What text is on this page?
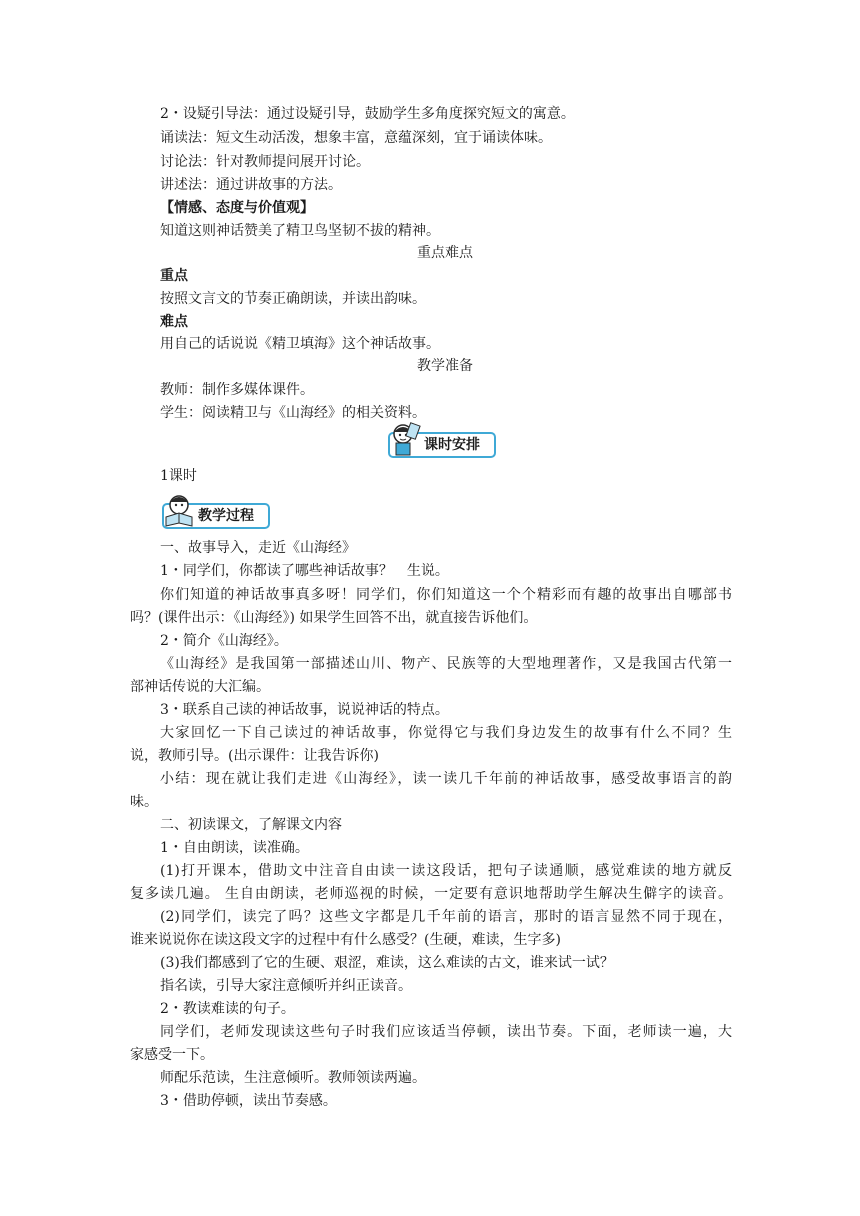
2・设疑引导法：通过设疑引导，鼓励学生多角度探究短文的寓意。
诵读法：短文生动活泼，想象丰富，意蕴深刻，宜于诵读体味。
讨论法：针对教师提问展开讨论。
讲述法：通过讲故事的方法。
【情感、态度与价值观】
知道这则神话赞美了精卫鸟坚韧不拔的精神。
重点难点
重点
按照文言文的节奏正确朗读，并读出韵味。
难点
用自己的话说说《精卫填海》这个神话故事。
教学准备
教师：制作多媒体课件。
学生：阅读精卫与《山海经》的相关资料。
课时安排
1课时
教学过程
一、故事导入，走近《山海经》
1・同学们，你都读了哪些神话故事？　生说。
你们知道的神话故事真多呀！同学们，你们知道这一个个精彩而有趣的故事出自哪部书
吗？(课件出示：《山海经》) 如果学生回答不出，就直接告诉他们。
2・简介《山海经》。
《山海经》是我国第一部描述山川、物产、民族等的大型地理著作，又是我国古代第一
部神话传说的大汇编。
3・联系自己读的神话故事，说说神话的特点。
大家回忆一下自己读过的神话故事，你觉得它与我们身边发生的故事有什么不同？生
说，教师引导。(出示课件：让我告诉你)
小结：现在就让我们走进《山海经》，读一读几千年前的神话故事，感受故事语言的韵
味。
二、初读课文，了解课文内容
1・自由朗读，读准确。
(1)打开课本，借助文中注音自由读一读这段话，把句子读通顺，感觉难读的地方就反
复多读几遍。 生自由朗读，老师巡视的时候，一定要有意识地帮助学生解决生僻字的读音。
(2)同学们，读完了吗？这些文字都是几千年前的语言，那时的语言显然不同于现在，
谁来说说你在读这段文字的过程中有什么感受？(生硬，难读，生字多)
(3)我们都感到了它的生硬、艰涩，难读，这么难读的古文，谁来试一试？
指名读，引导大家注意倾听并纠正读音。
2・教读难读的句子。
同学们，老师发现读这些句子时我们应该适当停顿，读出节奏。下面，老师读一遍，大
家感受一下。
师配乐范读，生注意倾听。教师领读两遍。
3・借助停顿，读出节奏感。
